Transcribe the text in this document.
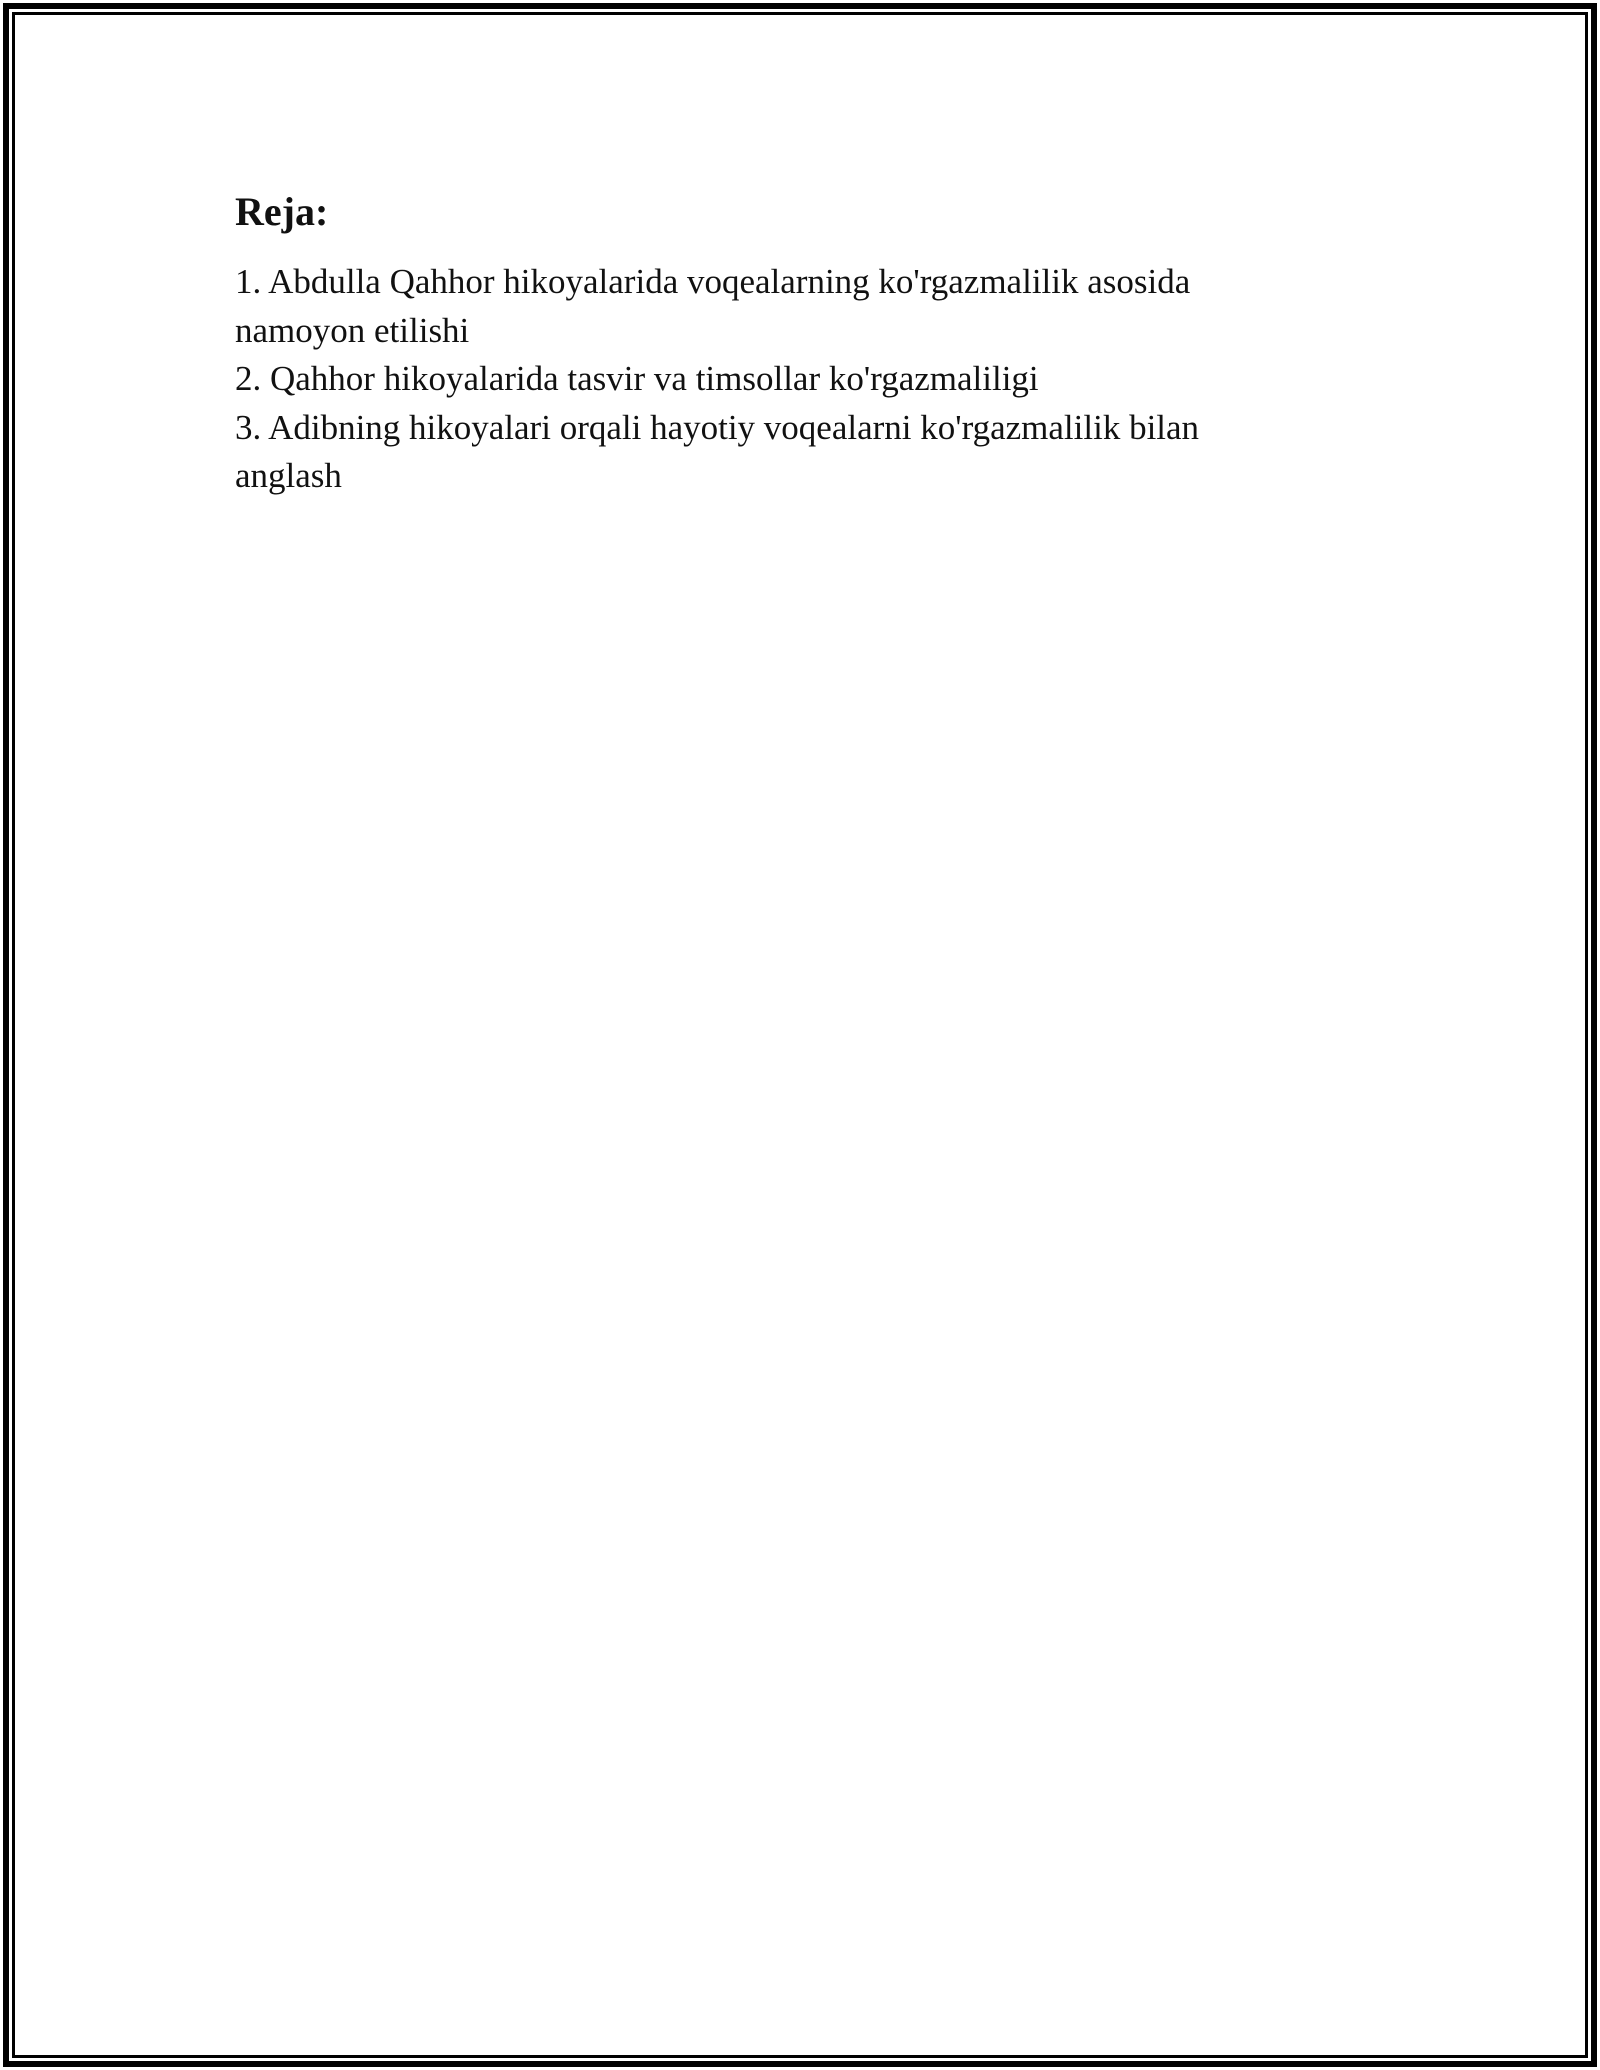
Reja:
1. Abdulla Qahhor hikoyalarida voqealarning ko'rgazmalilik asosida namoyon etilishi
2. Qahhor hikoyalarida tasvir va timsollar ko'rgazmaliligi
3. Adibning hikoyalari orqali hayotiy voqealarni ko'rgazmalilik bilan anglash
